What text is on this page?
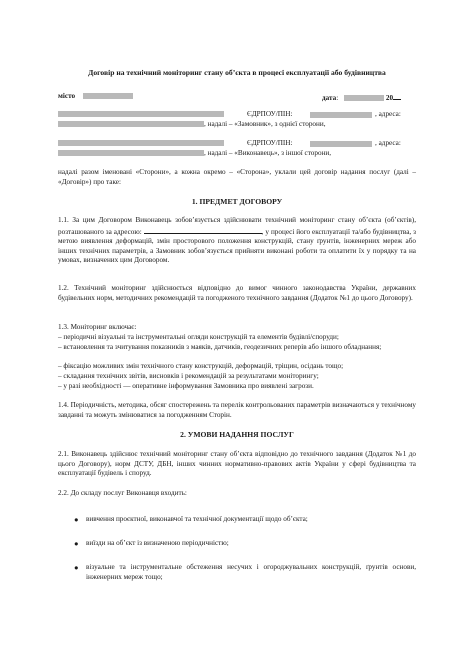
Договір на технічний моніторинг стану об’єкта в процесі експлуатації або будівництва
місто	дата:	20
ЄДРПОУ/ПІН:	, адреса:
, надалі – «Замовник», з однієї сторони,
ЄДРПОУ/ПІН:	, адреса:
, надалі – «Виконавець», з іншої сторони,
надалі разом іменовані «Сторони», а кожна окремо – «Сторона», уклали цей договір надання послуг (далі – «Договір») про таке:
1. ПРЕДМЕТ ДОГОВОРУ
1.1. За цим Договором Виконавець зобов’язується здійснювати технічний моніторинг стану об’єкта (об’єктів), розташованого за адресою:	, у процесі його експлуатації та/або будівництва, з метою виявлення деформацій, змін просторового положення конструкцій, стану ґрунтів, інженерних мереж або інших технічних параметрів, а Замовник зобов’язується прийняти виконані роботи та оплатити їх у порядку та на умовах, визначених цим Договором.
1.2. Технічний моніторинг здійснюється відповідно до вимог чинного законодавства України, державних будівельних норм, методичних рекомендацій та погодженого технічного завдання (Додаток №1 до цього Договору).
1.3. Моніторинг включає:
– періодичні візуальні та інструментальні огляди конструкцій та елементів будівлі/споруди;
– встановлення та зчитування показників з маяків, датчиків, геодезичних реперів або іншого обладнання;
– фіксацію можливих змін технічного стану конструкцій, деформацій, тріщин, осідань тощо;
– складання технічних звітів, висновків і рекомендацій за результатами моніторингу;
– у разі необхідності — оперативне інформування Замовника про виявлені загрози.
1.4. Періодичність, методика, обсяг спостережень та перелік контрольованих параметрів визначаються у технічному завданні та можуть змінюватися за погодженням Сторін.
2. УМОВИ НАДАННЯ ПОСЛУГ
2.1. Виконавець здійснює технічний моніторинг стану об’єкта відповідно до технічного завдання (Додаток №1 до цього Договору), норм ДСТУ, ДБН, інших чинних нормативно-правових актів України у сфері будівництва та експлуатації будівель і споруд.
2.2. До складу послуг Виконавця входить:
● вивчення проєктної, виконавчої та технічної документації щодо об’єкта;
● виїзди на об’єкт із визначеною періодичністю;
● візуальне та інструментальне обстеження несучих і огороджувальних конструкцій, ґрунтів основи, інженерних мереж тощо;
